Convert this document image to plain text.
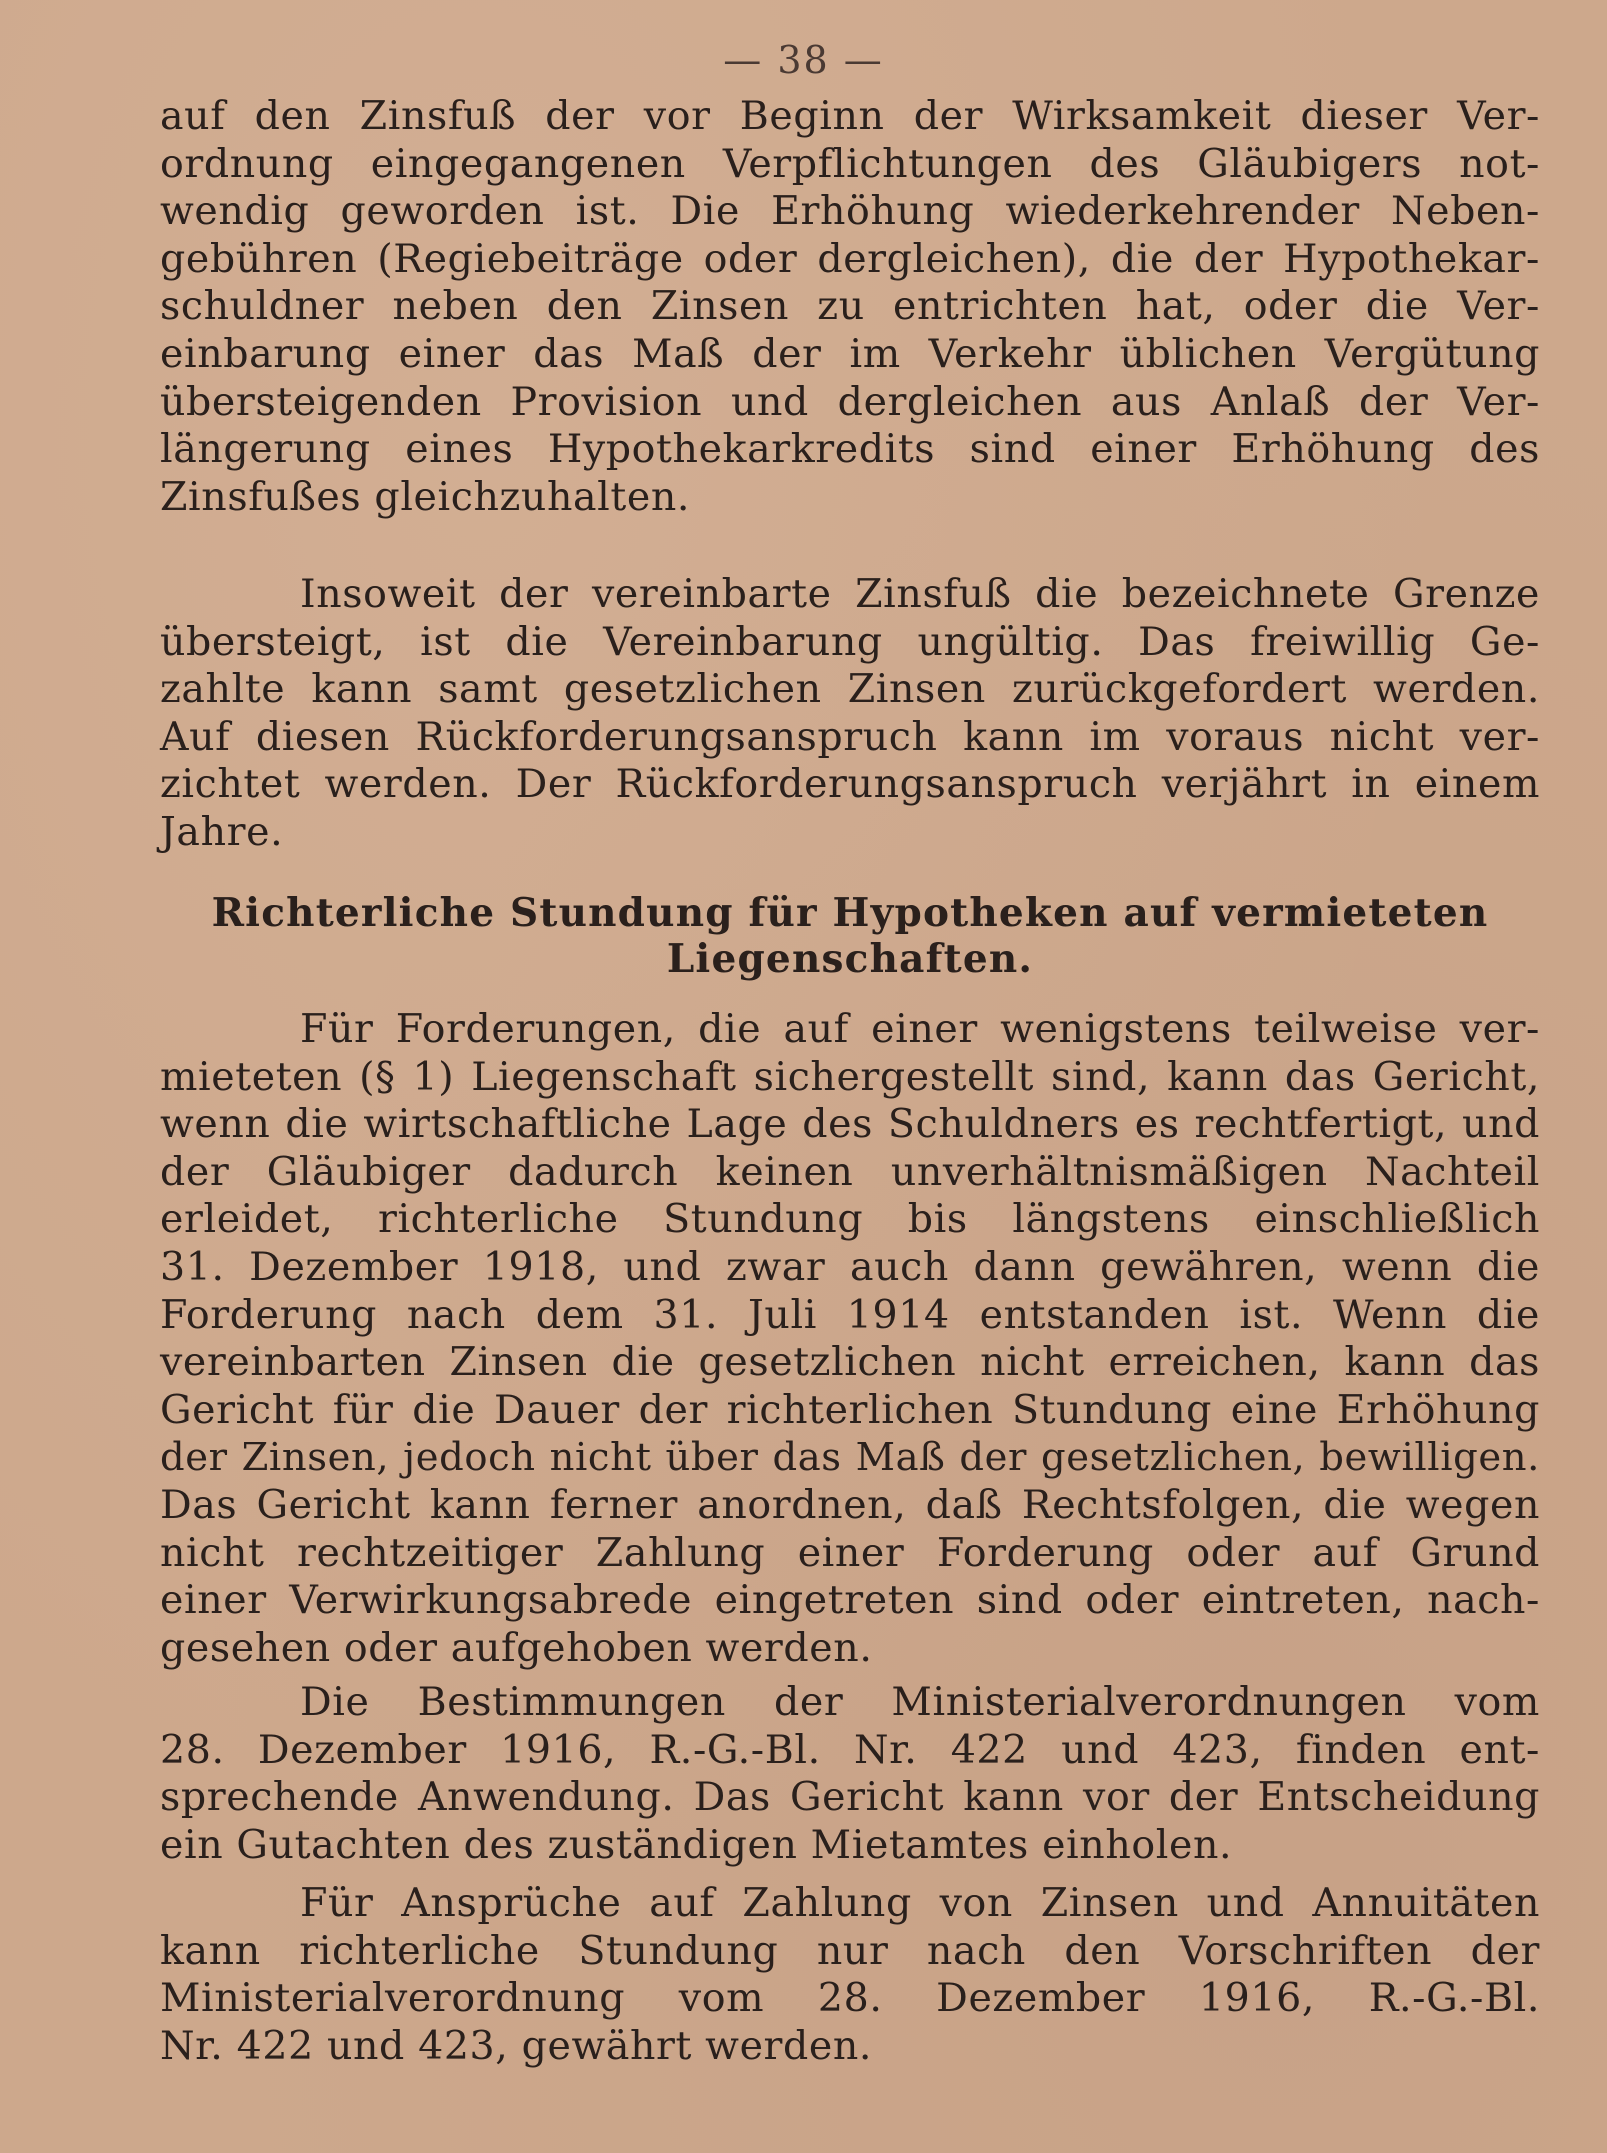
— 38 —
auf den Zinsfuß der vor Beginn der Wirksamkeit dieser Ver-
ordnung eingegangenen Verpflichtungen des Gläubigers not-
wendig geworden ist. Die Erhöhung wiederkehrender Neben-
gebühren (Regiebeiträge oder dergleichen), die der Hypothekar-
schuldner neben den Zinsen zu entrichten hat, oder die Ver-
einbarung einer das Maß der im Verkehr üblichen Vergütung
übersteigenden Provision und dergleichen aus Anlaß der Ver-
längerung eines Hypothekarkredits sind einer Erhöhung des
Zinsfußes gleichzuhalten.
Insoweit der vereinbarte Zinsfuß die bezeichnete Grenze
übersteigt, ist die Vereinbarung ungültig. Das freiwillig Ge-
zahlte kann samt gesetzlichen Zinsen zurückgefordert werden.
Auf diesen Rückforderungsanspruch kann im voraus nicht ver-
zichtet werden. Der Rückforderungsanspruch verjährt in einem
Jahre.
Richterliche Stundung für Hypotheken auf vermieteten
Liegenschaften.
Für Forderungen, die auf einer wenigstens teilweise ver-
mieteten (§ 1) Liegenschaft sichergestellt sind, kann das Gericht,
wenn die wirtschaftliche Lage des Schuldners es rechtfertigt, und
der Gläubiger dadurch keinen unverhältnismäßigen Nachteil
erleidet, richterliche Stundung bis längstens einschließlich
31. Dezember 1918, und zwar auch dann gewähren, wenn die
Forderung nach dem 31. Juli 1914 entstanden ist. Wenn die
vereinbarten Zinsen die gesetzlichen nicht erreichen, kann das
Gericht für die Dauer der richterlichen Stundung eine Erhöhung
der Zinsen, jedoch nicht über das Maß der gesetzlichen, bewilligen.
Das Gericht kann ferner anordnen, daß Rechtsfolgen, die wegen
nicht rechtzeitiger Zahlung einer Forderung oder auf Grund
einer Verwirkungsabrede eingetreten sind oder eintreten, nach-
gesehen oder aufgehoben werden.
Die Bestimmungen der Ministerialverordnungen vom
28. Dezember 1916, R.-G.-Bl. Nr. 422 und 423, finden ent-
sprechende Anwendung. Das Gericht kann vor der Entscheidung
ein Gutachten des zuständigen Mietamtes einholen.
Für Ansprüche auf Zahlung von Zinsen und Annuitäten
kann richterliche Stundung nur nach den Vorschriften der
Ministerialverordnung vom 28. Dezember 1916, R.-G.-Bl.
Nr. 422 und 423, gewährt werden.
